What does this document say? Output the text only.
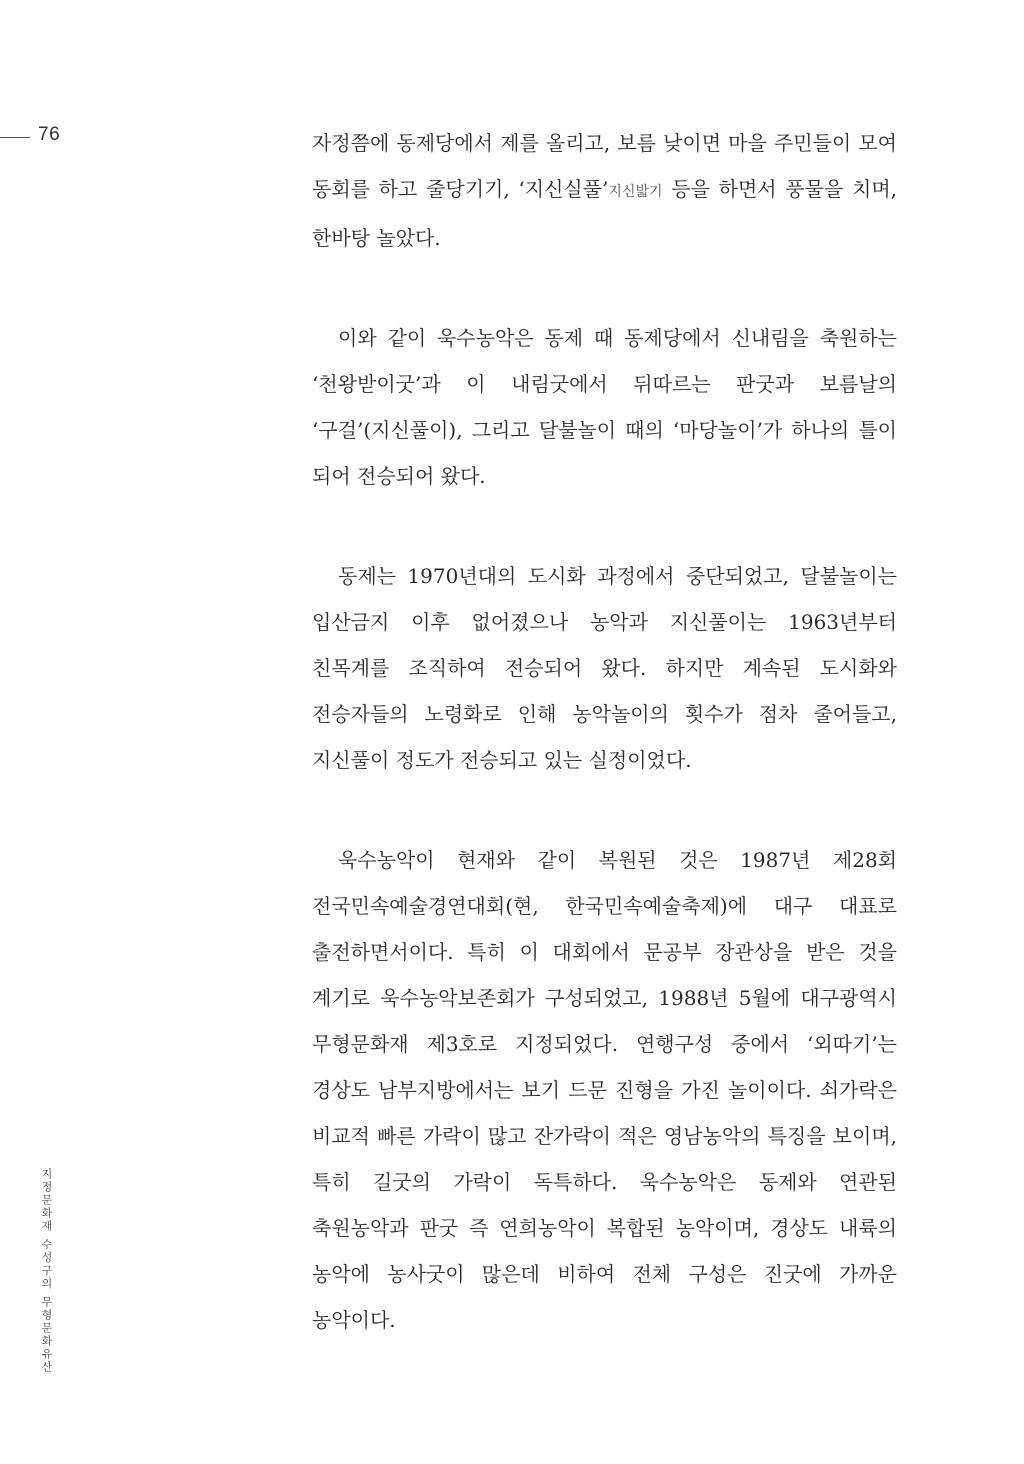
76
지정문화재 수성구의 무형문화유산

자정쯤에 동제당에서 제를 올리고, 보름 낮이면 마을 주민들이 모여 동회를 하고 줄당기기, ‘지신실풀’지신밟기 등을 하면서 풍물을 치며, 한바탕 놀았다.

이와 같이 욱수농악은 동제 때 동제당에서 신내림을 축원하는 ‘천왕받이굿’과 이 내림굿에서 뒤따르는 판굿과 보름날의 ‘구걸’(지신풀이), 그리고 달불놀이 때의 ‘마당놀이’가 하나의 틀이 되어 전승되어 왔다.

동제는 1970년대의 도시화 과정에서 중단되었고, 달불놀이는 입산금지 이후 없어졌으나 농악과 지신풀이는 1963년부터 친목계를 조직하여 전승되어 왔다. 하지만 계속된 도시화와 전승자들의 노령화로 인해 농악놀이의 횟수가 점차 줄어들고, 지신풀이 정도가 전승되고 있는 실정이었다.

욱수농악이 현재와 같이 복원된 것은 1987년 제28회 전국민속예술경연대회(현, 한국민속예술축제)에 대구 대표로 출전하면서이다. 특히 이 대회에서 문공부 장관상을 받은 것을 계기로 욱수농악보존회가 구성되었고, 1988년 5월에 대구광역시 무형문화재 제3호로 지정되었다. 연행구성 중에서 ‘외따기’는 경상도 남부지방에서는 보기 드문 진형을 가진 놀이이다. 쇠가락은 비교적 빠른 가락이 많고 잔가락이 적은 영남농악의 특징을 보이며, 특히 길굿의 가락이 독특하다. 욱수농악은 동제와 연관된 축원농악과 판굿 즉 연희농악이 복합된 농악이며, 경상도 내륙의 농악에 농사굿이 많은데 비하여 전체 구성은 진굿에 가까운 농악이다.
